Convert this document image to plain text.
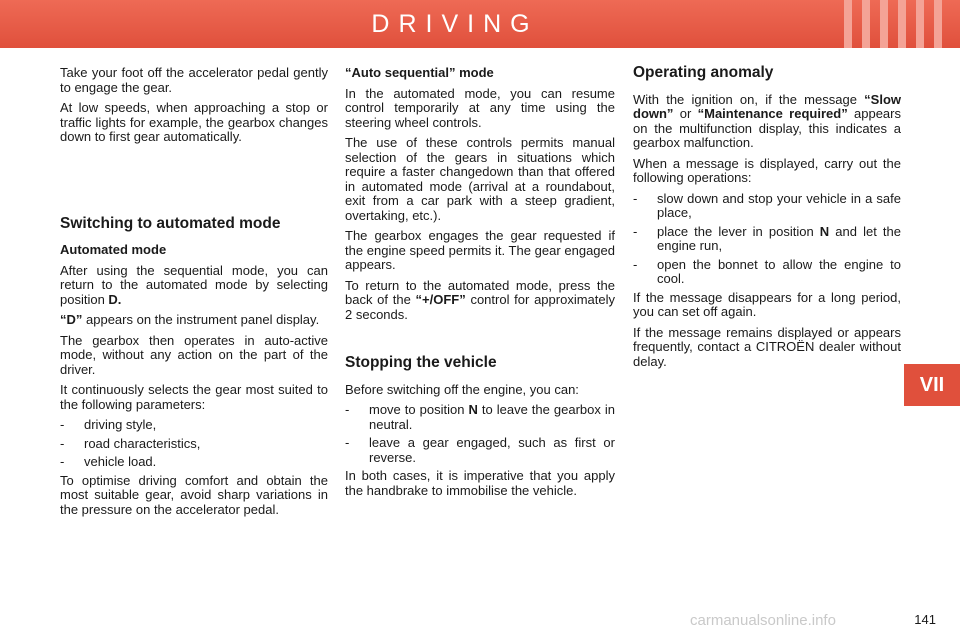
DRIVING
VII

Take your foot off the accelerator pedal gently to engage the gear.

At low speeds, when approaching a stop or traffic lights for example, the gearbox changes down to first gear automatically.

Switching to automated mode
Automated mode

After using the sequential mode, you can return to the automated mode by selecting position D.

“D” appears on the instrument panel display.

The gearbox then operates in auto-active mode, without any action on the part of the driver.

It continuously selects the gear most suited to the following parameters:

- driving style,
- road characteristics,
- vehicle load.

To optimise driving comfort and obtain the most suitable gear, avoid sharp variations in the pressure on the accelerator pedal.

“Auto sequential” mode

In the automated mode, you can resume control temporarily at any time using the steering wheel controls.

The use of these controls permits manual selection of the gears in situations which require a faster changedown than that offered in automated mode (arrival at a roundabout, exit from a car park with a steep gradient, overtaking, etc.).

The gearbox engages the gear requested if the engine speed permits it. The gear engaged appears.

To return to the automated mode, press the back of the “+/OFF” control for approximately 2 seconds.

Stopping the vehicle

Before switching off the engine, you can:

- move to position N to leave the gearbox in neutral.
- leave a gear engaged, such as first or reverse.

In both cases, it is imperative that you apply the handbrake to immobilise the vehicle.

Operating anomaly

With the ignition on, if the message “Slow down” or “Maintenance required” appears on the multifunction display, this indicates a gearbox malfunction.

When a message is displayed, carry out the following operations:

- slow down and stop your vehicle in a safe place,
- place the lever in position N and let the engine run,
- open the bonnet to allow the engine to cool.

If the message disappears for a long period, you can set off again.

If the message remains displayed or appears frequently, contact a CITROËN dealer without delay.

carmanualsonline.info	141
